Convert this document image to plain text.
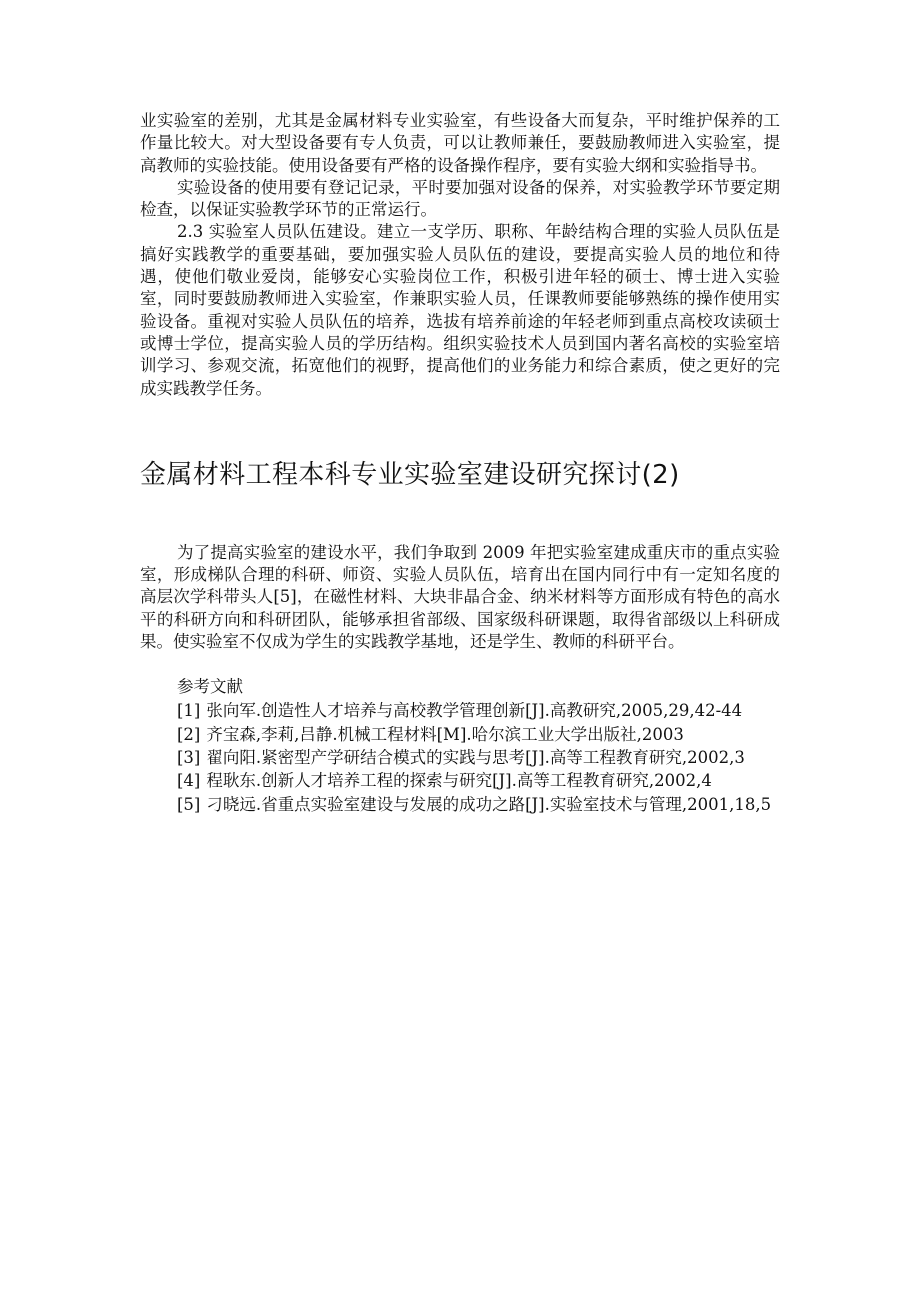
业实验室的差别，尤其是金属材料专业实验室，有些设备大而复杂，平时维护保养的工作量比较大。对大型设备要有专人负责，可以让教师兼任，要鼓励教师进入实验室，提高教师的实验技能。使用设备要有严格的设备操作程序，要有实验大纲和实验指导书。

实验设备的使用要有登记记录，平时要加强对设备的保养，对实验教学环节要定期检查，以保证实验教学环节的正常运行。

2.3 实验室人员队伍建设。建立一支学历、职称、年龄结构合理的实验人员队伍是搞好实践教学的重要基础，要加强实验人员队伍的建设，要提高实验人员的地位和待遇，使他们敬业爱岗，能够安心实验岗位工作，积极引进年轻的硕士、博士进入实验室，同时要鼓励教师进入实验室，作兼职实验人员，任课教师要能够熟练的操作使用实验设备。重视对实验人员队伍的培养，选拔有培养前途的年轻老师到重点高校攻读硕士或博士学位，提高实验人员的学历结构。组织实验技术人员到国内著名高校的实验室培训学习、参观交流，拓宽他们的视野，提高他们的业务能力和综合素质，使之更好的完成实践教学任务。

金属材料工程本科专业实验室建设研究探讨(2)

为了提高实验室的建设水平，我们争取到 2009 年把实验室建成重庆市的重点实验室，形成梯队合理的科研、师资、实验人员队伍，培育出在国内同行中有一定知名度的高层次学科带头人[5]，在磁性材料、大块非晶合金、纳米材料等方面形成有特色的高水平的科研方向和科研团队，能够承担省部级、国家级科研课题，取得省部级以上科研成果。使实验室不仅成为学生的实践教学基地，还是学生、教师的科研平台。

参考文献

[1] 张向军.创造性人才培养与高校教学管理创新[J].高教研究,2005,29,42-44

[2] 齐宝森,李莉,吕静.机械工程材料[M].哈尔滨工业大学出版社,2003

[3] 翟向阳.紧密型产学研结合模式的实践与思考[J].高等工程教育研究,2002,3

[4] 程耿东.创新人才培养工程的探索与研究[J].高等工程教育研究,2002,4

[5] 刁晓远.省重点实验室建设与发展的成功之路[J].实验室技术与管理,2001,18,5
